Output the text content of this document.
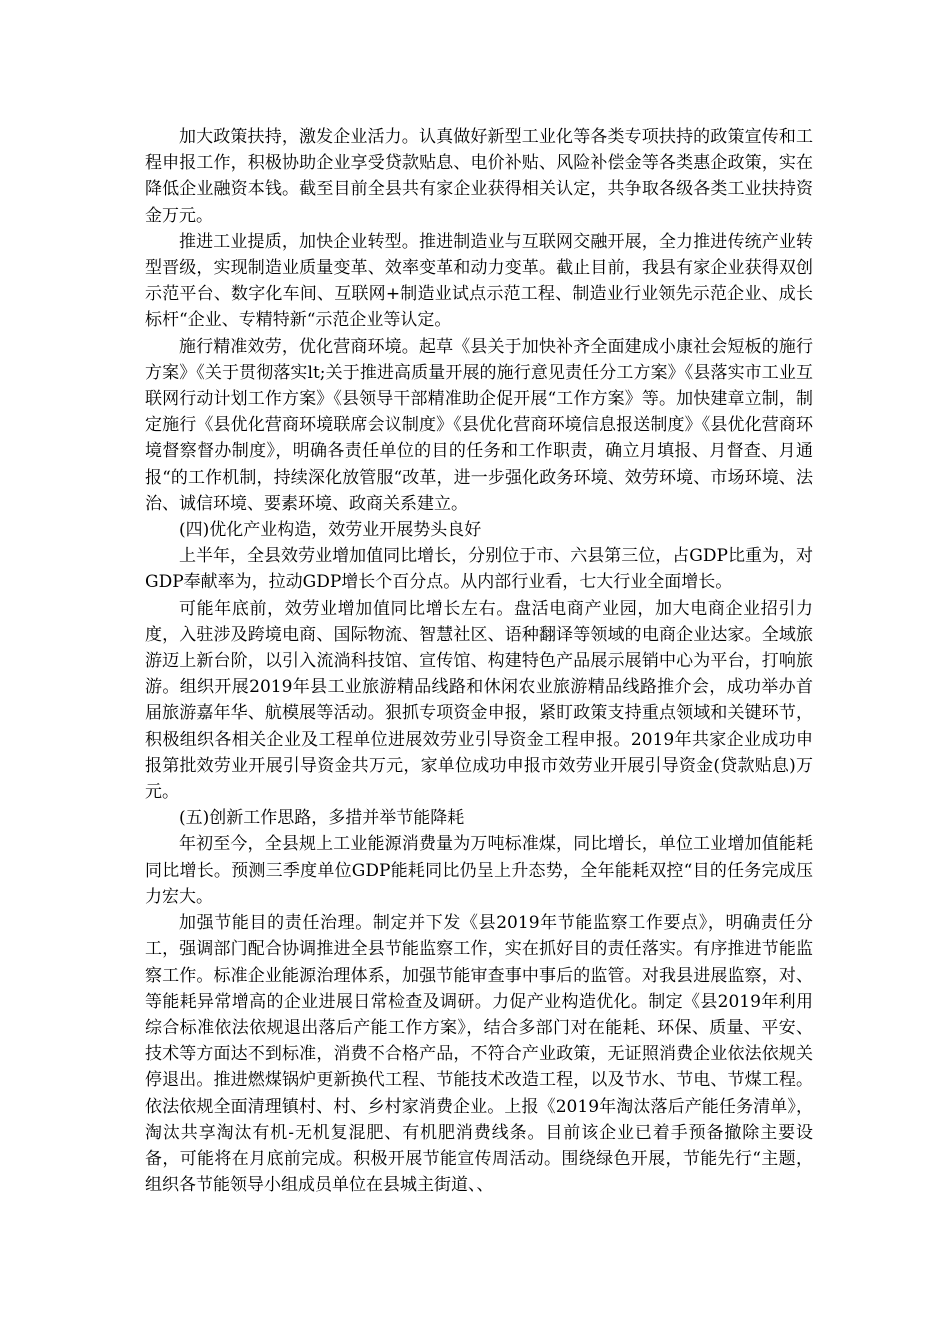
加大政策扶持，激发企业活力。认真做好新型工业化等各类专项扶持的政策宣传和工程申报工作，积极协助企业享受贷款贴息、电价补贴、风险补偿金等各类惠企政策，实在降低企业融资本钱。截至目前全县共有家企业获得相关认定，共争取各级各类工业扶持资金万元。

推进工业提质，加快企业转型。推进制造业与互联网交融开展，全力推进传统产业转型晋级，实现制造业质量变革、效率变革和动力变革。截止目前，我县有家企业获得双创示范平台、数字化车间、互联网+制造业试点示范工程、制造业行业领先示范企业、成长标杆“企业、专精特新“示范企业等认定。

施行精准效劳，优化营商环境。起草《县关于加快补齐全面建成小康社会短板的施行方案》《关于贯彻落实lt;关于推进高质量开展的施行意见责任分工方案》《县落实市工业互联网行动计划工作方案》《县领导干部精准助企促开展“工作方案》等。加快建章立制，制定施行《县优化营商环境联席会议制度》《县优化营商环境信息报送制度》《县优化营商环境督察督办制度》，明确各责任单位的目的任务和工作职责，确立月填报、月督查、月通报“的工作机制，持续深化放管服“改革，进一步强化政务环境、效劳环境、市场环境、法治、诚信环境、要素环境、政商关系建立。

(四)优化产业构造，效劳业开展势头良好

上半年，全县效劳业增加值同比增长，分别位于市、六县第三位，占GDP比重为，对GDP奉献率为，拉动GDP增长个百分点。从内部行业看，七大行业全面增长。

可能年底前，效劳业增加值同比增长左右。盘活电商产业园，加大电商企业招引力度，入驻涉及跨境电商、国际物流、智慧社区、语种翻译等领域的电商企业达家。全域旅游迈上新台阶，以引入流淌科技馆、宣传馆、构建特色产品展示展销中心为平台，打响旅游。组织开展2019年县工业旅游精品线路和休闲农业旅游精品线路推介会，成功举办首届旅游嘉年华、航模展等活动。狠抓专项资金申报，紧盯政策支持重点领域和关键环节，积极组织各相关企业及工程单位进展效劳业引导资金工程申报。2019年共家企业成功申报第批效劳业开展引导资金共万元，家单位成功申报市效劳业开展引导资金(贷款贴息)万元。

(五)创新工作思路，多措并举节能降耗

年初至今，全县规上工业能源消费量为万吨标准煤，同比增长，单位工业增加值能耗同比增长。预测三季度单位GDP能耗同比仍呈上升态势，全年能耗双控“目的任务完成压力宏大。

加强节能目的责任治理。制定并下发《县2019年节能监察工作要点》，明确责任分工，强调部门配合协调推进全县节能监察工作，实在抓好目的责任落实。有序推进节能监察工作。标准企业能源治理体系，加强节能审查事中事后的监管。对我县进展监察，对、等能耗异常增高的企业进展日常检查及调研。力促产业构造优化。制定《县2019年利用综合标准依法依规退出落后产能工作方案》，结合多部门对在能耗、环保、质量、平安、技术等方面达不到标准，消费不合格产品，不符合产业政策，无证照消费企业依法依规关停退出。推进燃煤锅炉更新换代工程、节能技术改造工程，以及节水、节电、节煤工程。依法依规全面清理镇村、村、乡村家消费企业。上报《2019年淘汰落后产能任务清单》，淘汰共享淘汰有机-无机复混肥、有机肥消费线条。目前该企业已着手预备撤除主要设备，可能将在月底前完成。积极开展节能宣传周活动。围绕绿色开展，节能先行“主题，组织各节能领导小组成员单位在县城主街道、、
